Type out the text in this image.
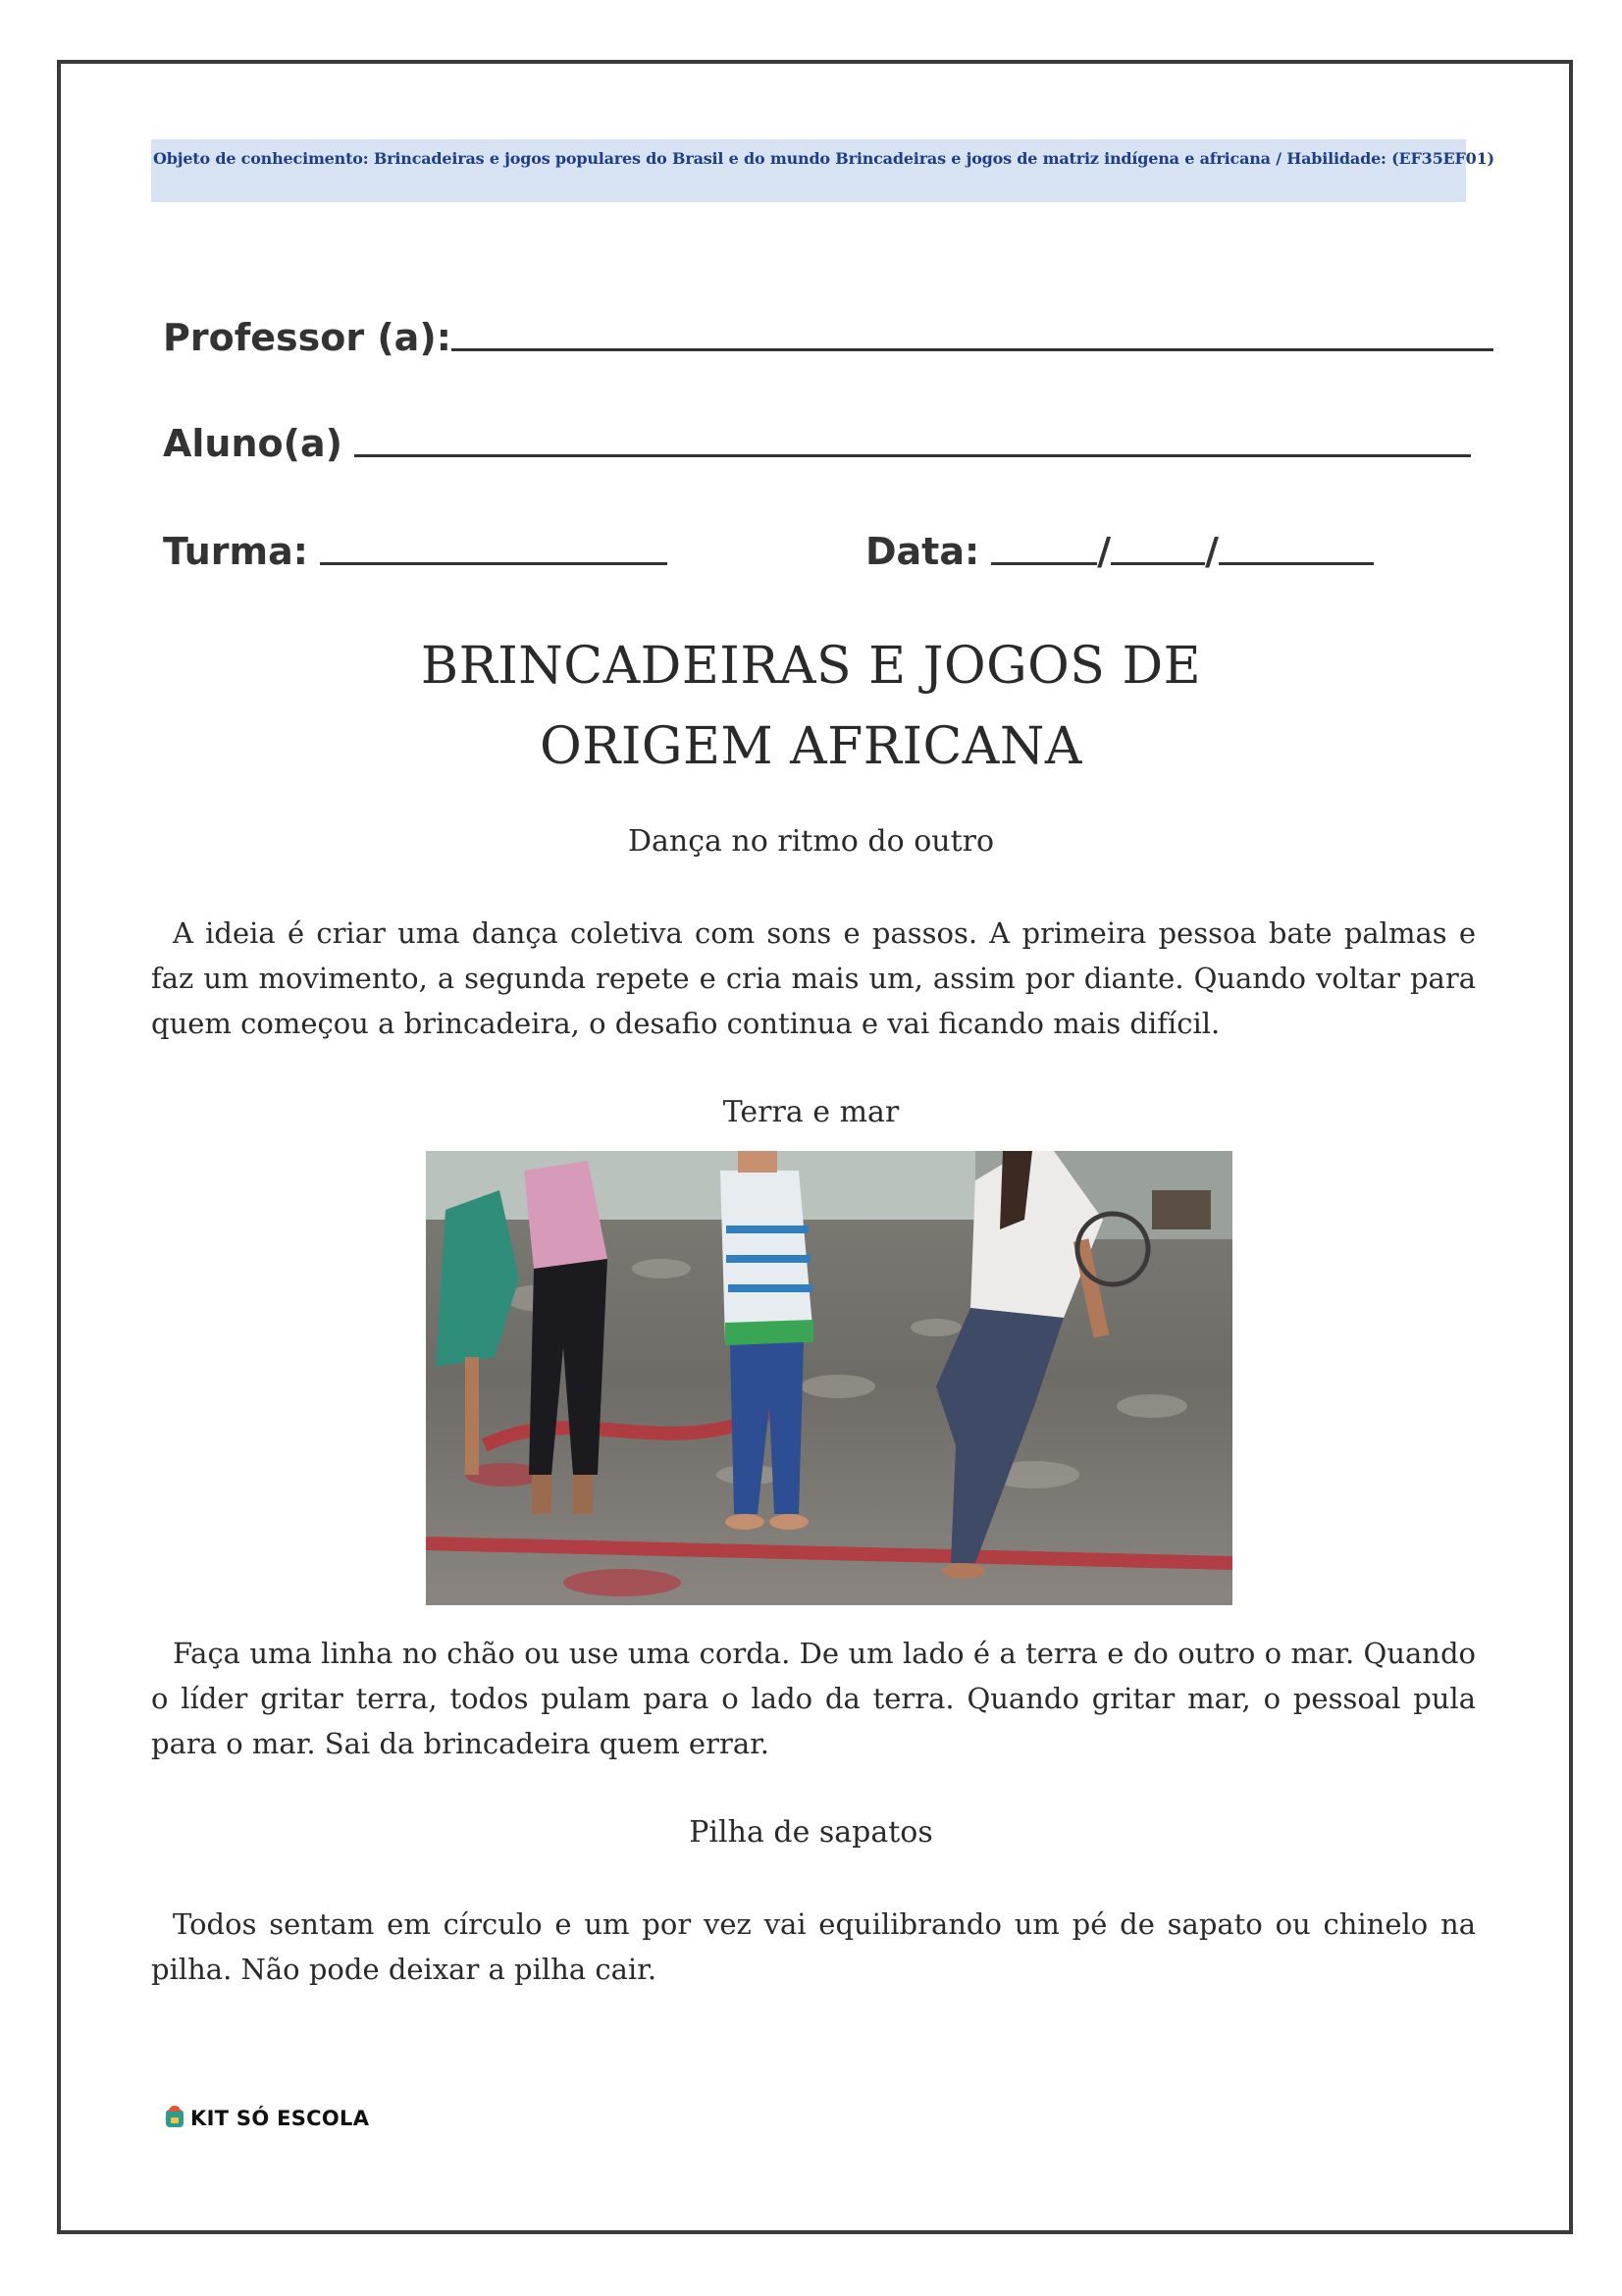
Objeto de conhecimento: Brincadeiras e jogos populares do Brasil e do mundo Brincadeiras e jogos de matriz indígena e africana / Habilidade: (EF35EF01)
Professor (a):
Aluno(a)
Turma:	Data:	/	/
BRINCADEIRAS E JOGOS DE
ORIGEM AFRICANA
Dança no ritmo do outro
A ideia é criar uma dança coletiva com sons e passos. A primeira pessoa bate palmas e faz um movimento, a segunda repete e cria mais um, assim por diante. Quando voltar para quem começou a brincadeira, o desafio continua e vai ficando mais difícil.
Terra e mar
Faça uma linha no chão ou use uma corda. De um lado é a terra e do outro o mar. Quando o líder gritar terra, todos pulam para o lado da terra. Quando gritar mar, o pessoal pula para o mar. Sai da brincadeira quem errar.
Pilha de sapatos
Todos sentam em círculo e um por vez vai equilibrando um pé de sapato ou chinelo na pilha. Não pode deixar a pilha cair.
KIT SÓ ESCOLA
